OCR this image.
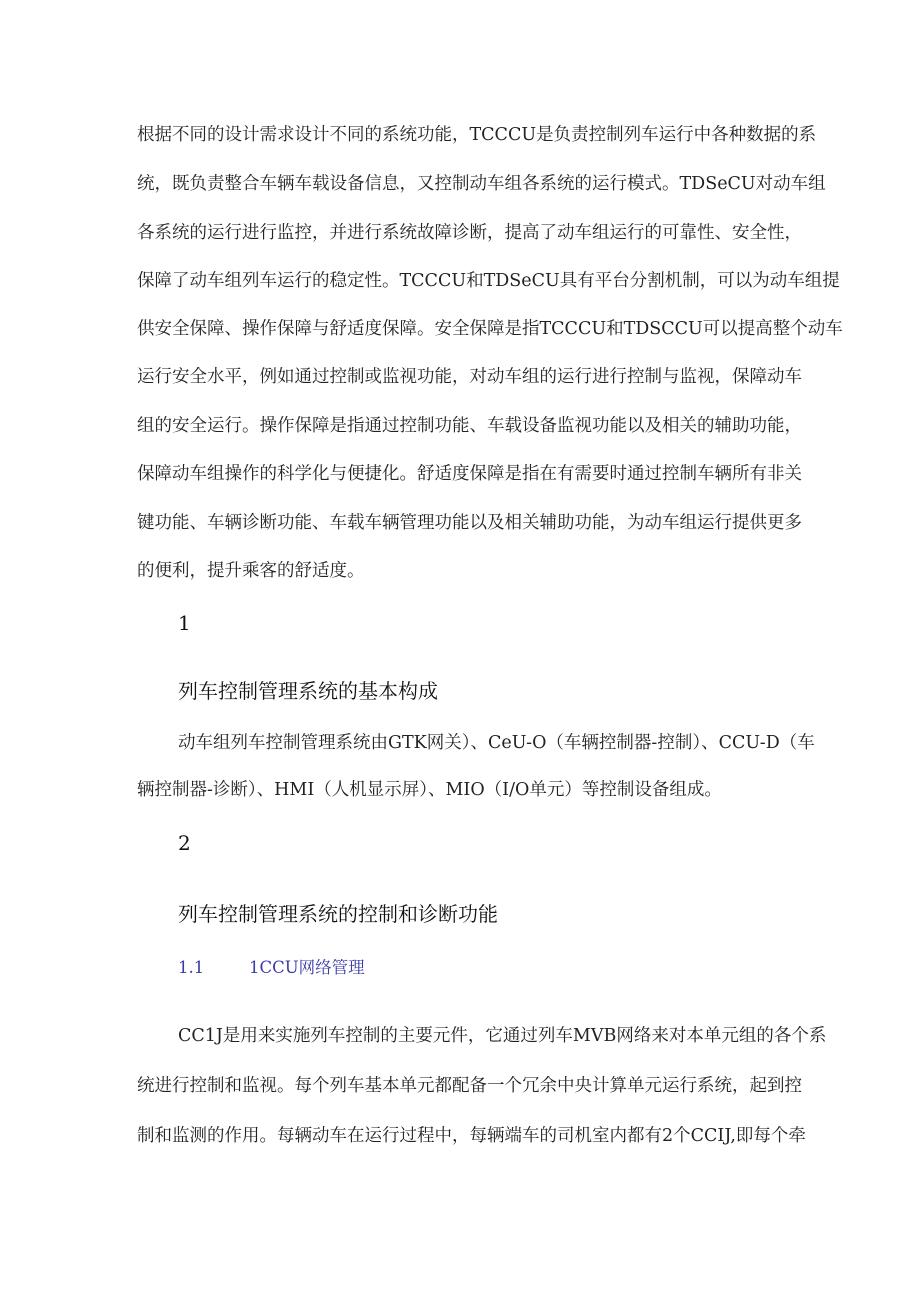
根据不同的设计需求设计不同的系统功能，TCCCU是负责控制列车运行中各种数据的系
统，既负责整合车辆车载设备信息，又控制动车组各系统的运行模式。TDSeCU对动车组
各系统的运行进行监控，并进行系统故障诊断，提高了动车组运行的可靠性、安全性，
保障了动车组列车运行的稳定性。TCCCU和TDSeCU具有平台分割机制，可以为动车组提
供安全保障、操作保障与舒适度保障。安全保障是指TCCCU和TDSCCU可以提高整个动车
运行安全水平，例如通过控制或监视功能，对动车组的运行进行控制与监视，保障动车
组的安全运行。操作保障是指通过控制功能、车载设备监视功能以及相关的辅助功能，
保障动车组操作的科学化与便捷化。舒适度保障是指在有需要时通过控制车辆所有非关
键功能、车辆诊断功能、车载车辆管理功能以及相关辅助功能，为动车组运行提供更多
的便利，提升乘客的舒适度。
1
列车控制管理系统的基本构成
动车组列车控制管理系统由GTK网关）、CeU-O（车辆控制器-控制）、CCU-D（车
辆控制器-诊断）、HMI（人机显示屏）、MIO（I/O单元）等控制设备组成。
2
列车控制管理系统的控制和诊断功能
1.1	1CCU网络管理
CC1J是用来实施列车控制的主要元件，它通过列车MVB网络来对本单元组的各个系
统进行控制和监视。每个列车基本单元都配备一个冗余中央计算单元运行系统，起到控
制和监测的作用。每辆动车在运行过程中，每辆端车的司机室内都有2个CCIJ,即每个牵
